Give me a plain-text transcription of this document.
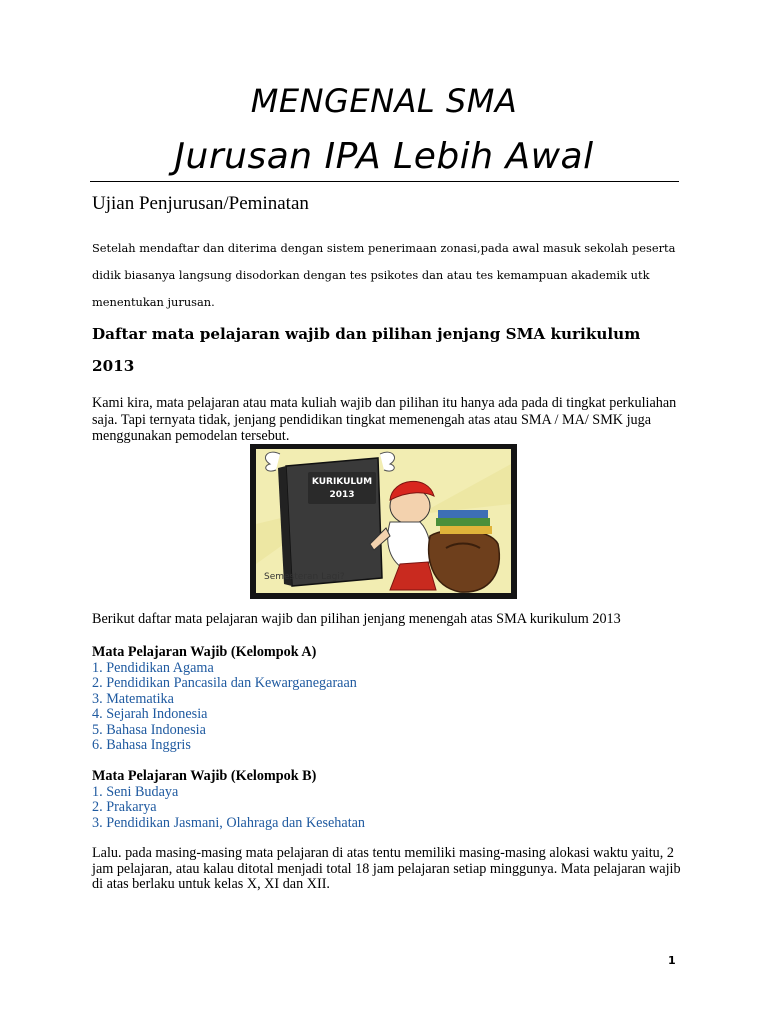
MENGENAL SMA
Jurusan IPA Lebih Awal
Ujian Penjurusan/Peminatan
Setelah mendaftar dan diterima dengan sistem penerimaan zonasi,pada awal masuk sekolah peserta didik biasanya langsung disodorkan dengan tes psikotes dan atau tes kemampuan akademik utk menentukan jurusan.
Daftar mata pelajaran wajib dan pilihan jenjang SMA kurikulum 2013
Kami kira, mata pelajaran atau mata kuliah wajib dan pilihan itu hanya ada pada di tingkat perkuliahan saja. Tapi ternyata tidak, jenjang pendidikan tingkat memenengah atas atau SMA / MA/ SMK juga menggunakan pemodelan tersebut.
KURIKULUM
2013
Semesteran Lagi?
Berikut daftar mata pelajaran wajib dan pilihan jenjang menengah atas SMA kurikulum 2013
Mata Pelajaran Wajib (Kelompok A)
1. Pendidikan Agama
2. Pendidikan Pancasila dan Kewarganegaraan
3. Matematika
4. Sejarah Indonesia
5. Bahasa Indonesia
6. Bahasa Inggris
Mata Pelajaran Wajib (Kelompok B)
1. Seni Budaya
2. Prakarya
3. Pendidikan Jasmani, Olahraga dan Kesehatan
Lalu. pada masing-masing mata pelajaran di atas tentu memiliki masing-masing alokasi waktu yaitu, 2 jam pelajaran, atau kalau ditotal menjadi total 18 jam pelajaran setiap minggunya. Mata pelajaran wajib di atas berlaku untuk kelas X, XI dan XII.
1
